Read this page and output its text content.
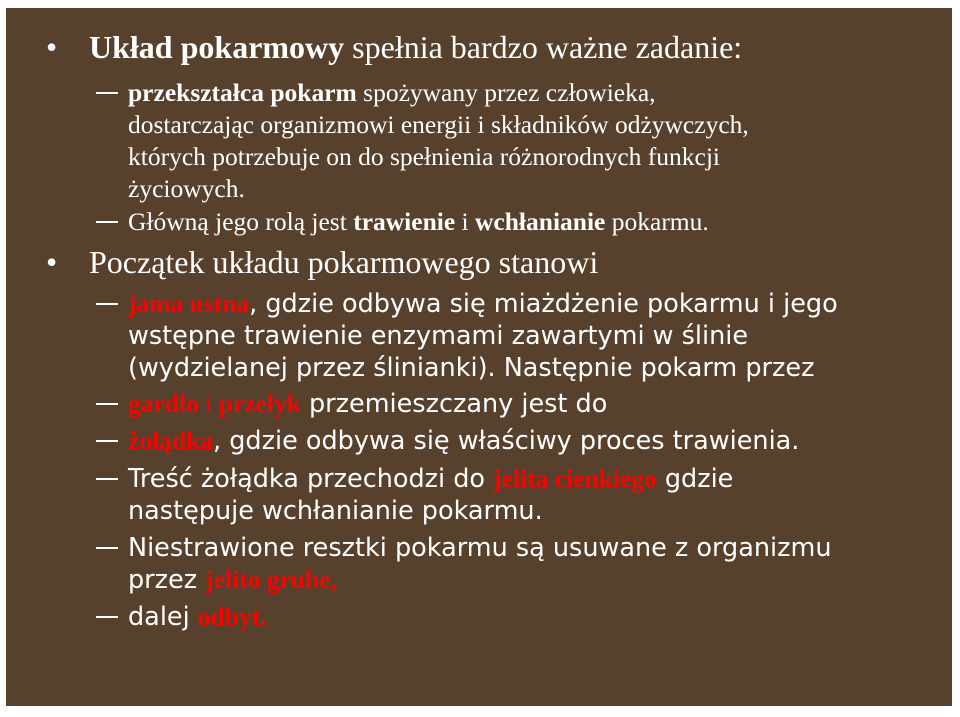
• Układ pokarmowy spełnia bardzo ważne zadanie:
przekształca pokarm spożywany przez człowieka,
dostarczając organizmowi energii i składników odżywczych,
których potrzebuje on do spełnienia różnorodnych funkcji
życiowych.
Główną jego rolą jest trawienie i wchłanianie pokarmu.
• Początek układu pokarmowego stanowi
jama ustna, gdzie odbywa się miażdżenie pokarmu i jego
wstępne trawienie enzymami zawartymi w ślinie
(wydzielanej przez ślinianki). Następnie pokarm przez
gardło i przełyk przemieszczany jest do
żołądka, gdzie odbywa się właściwy proces trawienia.
Treść żołądka przechodzi do jelita cienkiego gdzie
następuje wchłanianie pokarmu.
Niestrawione resztki pokarmu są usuwane z organizmu
przez jelito grube,
dalej odbyt.
